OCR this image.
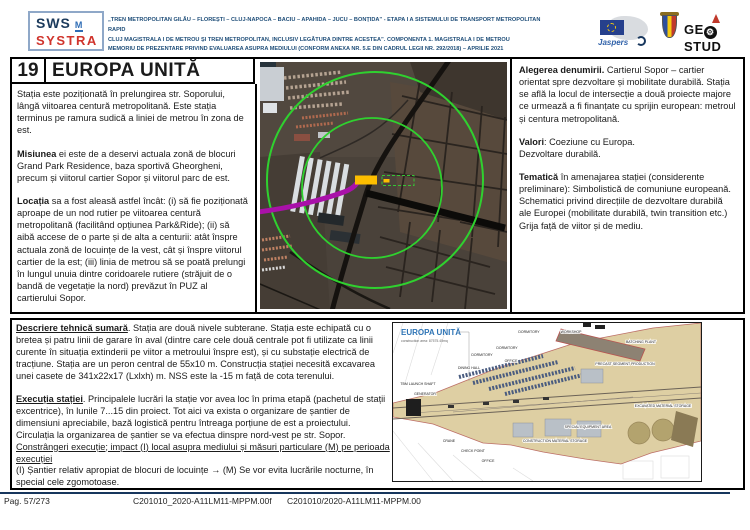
SWS M
SYSTRA
„TREN METROPOLITAN GILĂU – FLOREȘTI – CLUJ-NAPOCA – BACIU – APAHIDA – JUCU – BONȚIDA” - ETAPA I A SISTEMULUI DE TRANSPORT METROPOLITAN RAPID
CLUJ MAGISTRALA I DE METROU ȘI TREN METROPOLITAN, INCLUSIV LEGĂTURA DINTRE ACESTEA”. COMPONENTA 1. MAGISTRALA I DE METROU
MEMORIU DE PREZENTARE PRIVIND EVALUAREA ASUPRA MEDIULUI (CONFORM ANEXA NR. 5.E DIN CADRUL LEGII NR. 292/2018) – APRILIE 2021
Jaspers
GE ⚙STUD
19 EUROPA UNITĂ

Stația este poziționată în prelungirea str. Soporului, lângă viitoarea centură metropolitană. Este stația terminus pe ramura sudică a liniei de metrou în zona de est.

Misiunea ei este de a deservi actuala zonă de blocuri Grand Park Residence, baza sportivă Gheorgheni, precum și viitorul cartier Sopor și viitorul parc de est.

Locația sa a fost aleasă astfel încât: (i) să fie poziționată aproape de un nod rutier pe viitoarea centură metropolitană (facilitând opțiunea Park&Ride); (ii) să aibă accese de o parte și de alta a centurii: atât înspre actuala zonă de locuințe de la vest, cât și înspre viitorul cartier de la est; (iii) linia de metrou să se poată prelungi în lungul unuia dintre coridoarele rutiere (străjuit de o bandă de vegetație la nord) prevăzut în PUZ al cartierului Sopor.

Alegerea denumirii. Cartierul Sopor – cartier orientat spre dezvoltare și mobilitate durabilă. Stația se află la locul de intersecție a două proiecte majore ce urmează a fi finanțate cu sprijin european: metroul și centura metropolitană.

Valori: Coeziune cu Europa.

Dezvoltare durabilă.

Tematică în amenajarea stației (considerente preliminare): Simbolistică de comuniune europeană. Schematici privind direcțiile de dezvoltare durabilă ale Europei (mobilitate durabilă, twin transition etc.) Grija față de viitor și de mediu.

Descriere tehnică sumară. Stația are două nivele subterane. Stația este echipată cu o bretea și patru linii de garare în aval (dintre care cele două centrale pot fi utilizate ca linii curente în situația extinderii pe viitor a metroului înspre est), și cu substație electrică de tracțiune. Stația are un peron central de 55x10 m. Construcția stației necesită excavarea unei casete de 341x22x17 (Lxlxh) m. NSS este la -15 m față de cota terenului.

Execuția stației. Principalele lucrări la stație vor avea loc în prima etapă (pachetul de stații excentrice), în lunile 7...15 din proiect. Tot aici va exista o organizare de șantier de dimensiuni apreciabile, bază logistică pentru întreaga porțiune de est a proiectului. Circulația la organizarea de șantier se va efectua dinspre nord-vest pe str. Sopor.

Constrângeri execuție; impact (I) local asupra mediului și măsuri particulare (M) pe perioada execuției

(I) Șantier relativ apropiat de blocuri de locuințe → (M) Se vor evita lucrările nocturne, în special cele zgomotoase.

EUROPA UNITĂ
construction area: 87575.45mq
DORMITORY	WORKSHOP
BATCHING PLANT
DORMITORY
DORMITORY
OFFICE
PRECAST SEGMENT PRODUCTION
DINING HALL
TBM LAUNCH SHAFT
GENERATOR
EXCAVATED MATERIAL STORAGE
SPECIAL EQUIPMENT AREA
CONSTRUCTION MATERIAL STORAGE
CRANE
CHECK POINT
OFFICE
Pag. 57/273	C201010_2020-A11LM11-MPPM.00f C201010/2020-A11LM11-MPPM.00
